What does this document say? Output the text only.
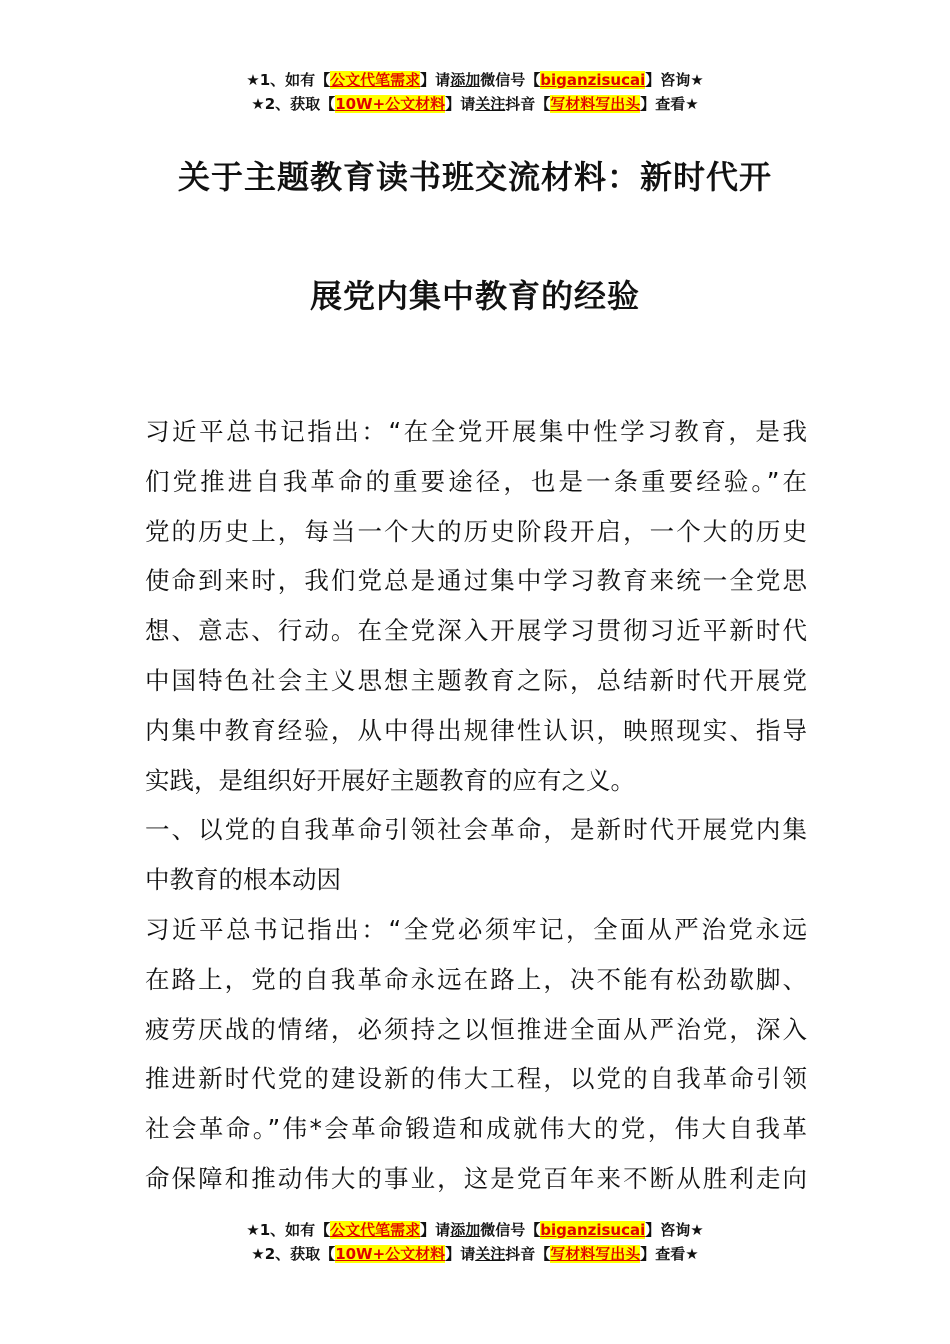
★1、如有【公文代笔需求】请添加微信号【biganzisucai】咨询★
★2、获取【10W+公文材料】请关注抖音【写材料写出头】查看★
关于主题教育读书班交流材料：新时代开
展党内集中教育的经验
习近平总书记指出：“在全党开展集中性学习教育，是我
们党推进自我革命的重要途径，也是一条重要经验。”在
党的历史上，每当一个大的历史阶段开启，一个大的历史
使命到来时，我们党总是通过集中学习教育来统一全党思
想、意志、行动。在全党深入开展学习贯彻习近平新时代
中国特色社会主义思想主题教育之际，总结新时代开展党
内集中教育经验，从中得出规律性认识，映照现实、指导
实践，是组织好开展好主题教育的应有之义。
一、以党的自我革命引领社会革命，是新时代开展党内集
中教育的根本动因
习近平总书记指出：“全党必须牢记，全面从严治党永远
在路上，党的自我革命永远在路上，决不能有松劲歇脚、
疲劳厌战的情绪，必须持之以恒推进全面从严治党，深入
推进新时代党的建设新的伟大工程，以党的自我革命引领
社会革命。”伟*会革命锻造和成就伟大的党，伟大自我革
命保障和推动伟大的事业，这是党百年来不断从胜利走向
★1、如有【公文代笔需求】请添加微信号【biganzisucai】咨询★
★2、获取【10W+公文材料】请关注抖音【写材料写出头】查看★
